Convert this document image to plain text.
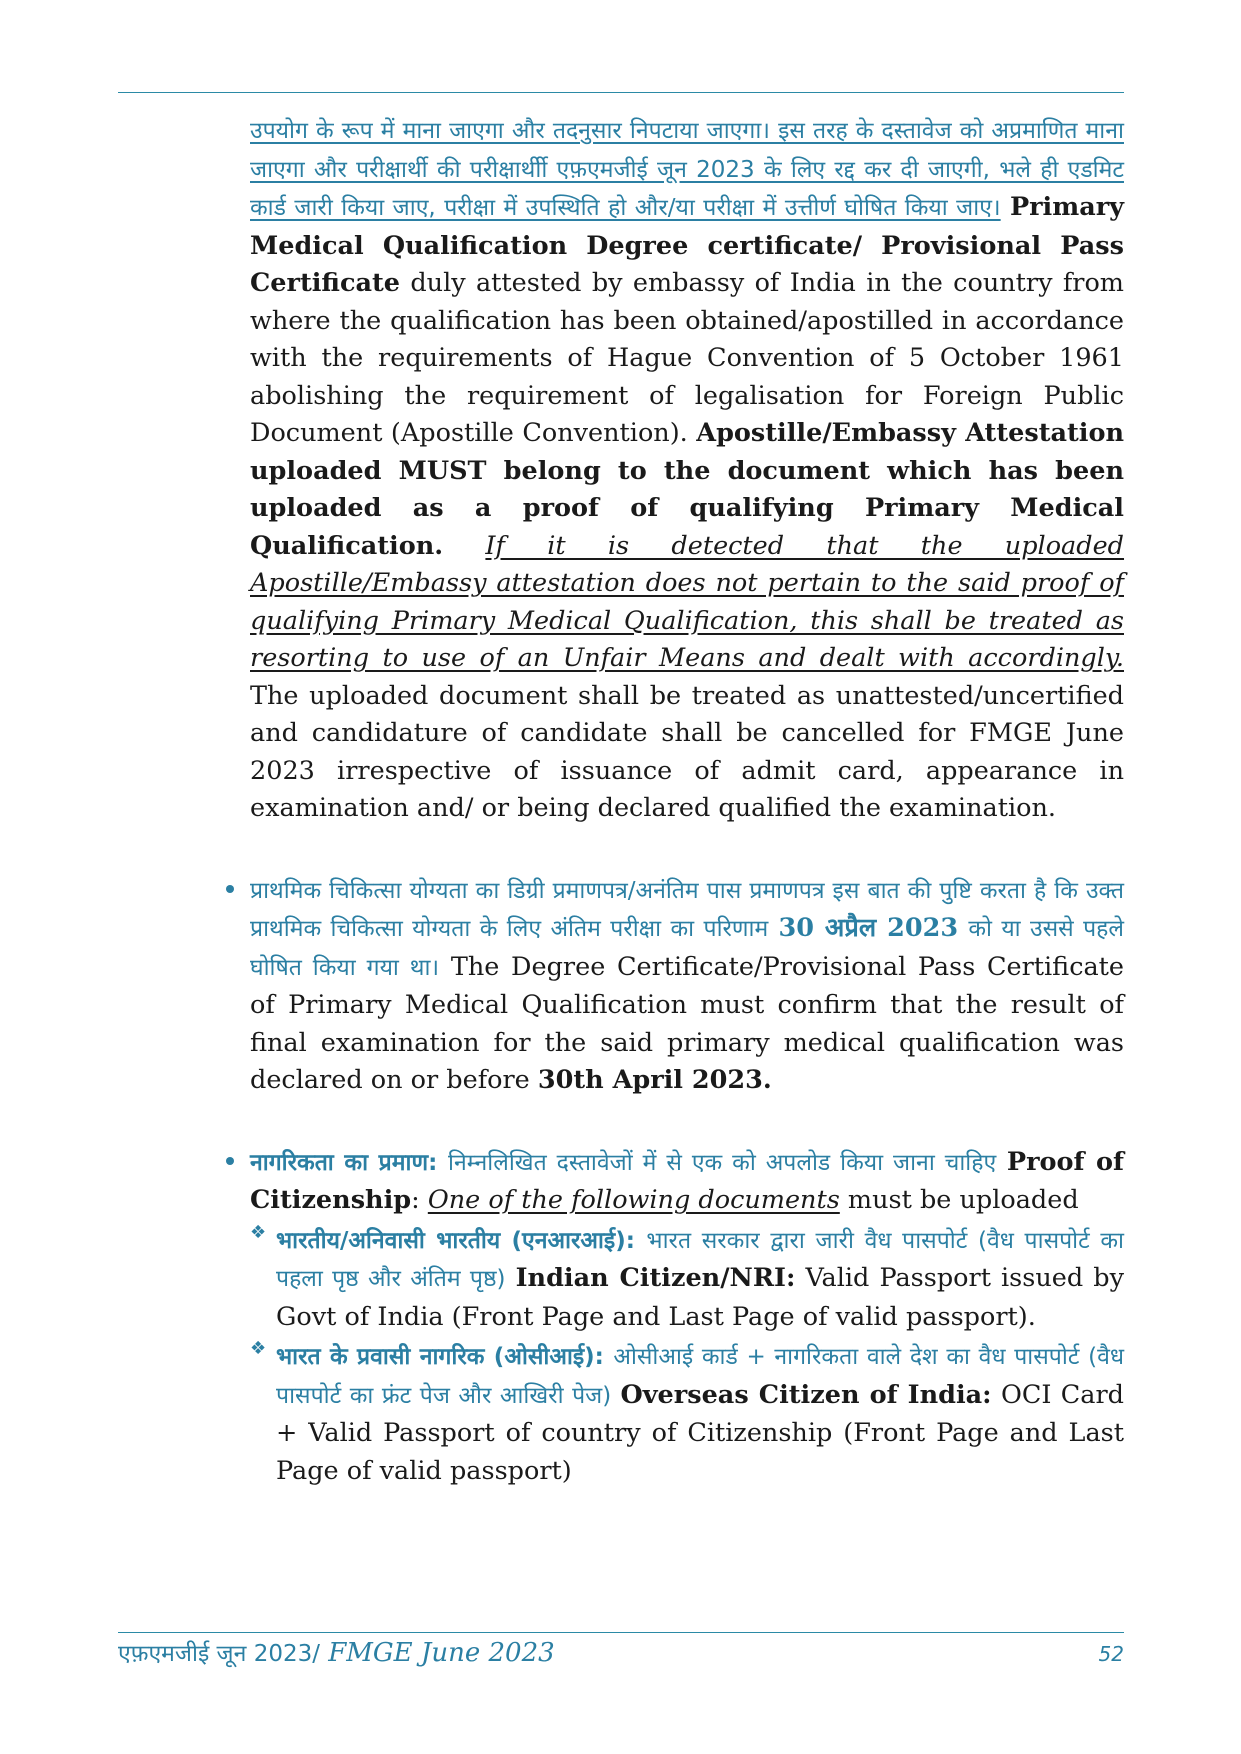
उपयोग के रूप में माना जाएगा और तदनुसार निपटाया जाएगा। इस तरह के दस्तावेज को अप्रमाणित माना जाएगा और परीक्षार्थी की परीक्षार्थीी एफ़एमजीई जून 2023 के लिए रद्द कर दी जाएगी, भले ही एडमिट कार्ड जारी किया जाए, परीक्षा में उपस्थिति हो और/या परीक्षा में उत्तीर्ण घोषित किया जाए। Primary Medical Qualification Degree certificate/ Provisional Pass Certificate duly attested by embassy of India in the country from where the qualification has been obtained/apostilled in accordance with the requirements of Hague Convention of 5 October 1961 abolishing the requirement of legalisation for Foreign Public Document (Apostille Convention). Apostille/Embassy Attestation uploaded MUST belong to the document which has been uploaded as a proof of qualifying Primary Medical Qualification. If it is detected that the uploaded Apostille/Embassy attestation does not pertain to the said proof of qualifying Primary Medical Qualification, this shall be treated as resorting to use of an Unfair Means and dealt with accordingly. The uploaded document shall be treated as unattested/uncertified and candidature of candidate shall be cancelled for FMGE June 2023 irrespective of issuance of admit card, appearance in examination and/ or being declared qualified the examination.

प्राथमिक चिकित्सा योग्यता का डिग्री प्रमाणपत्र/अनंतिम पास प्रमाणपत्र इस बात की पुष्टि करता है कि उक्त प्राथमिक चिकित्सा योग्यता के लिए अंतिम परीक्षा का परिणाम 30 अप्रैल 2023 को या उससे पहले घोषित किया गया था। The Degree Certificate/Provisional Pass Certificate of Primary Medical Qualification must confirm that the result of final examination for the said primary medical qualification was declared on or before 30th April 2023.

नागरिकता का प्रमाण: निम्नलिखित दस्तावेजों में से एक को अपलोड किया जाना चाहिए Proof of Citizenship: One of the following documents must be uploaded

❖ भारतीय/अनिवासी भारतीय (एनआरआई): भारत सरकार द्वारा जारी वैध पासपोर्ट (वैध पासपोर्ट का पहला पृष्ठ और अंतिम पृष्ठ) Indian Citizen/NRI: Valid Passport issued by Govt of India (Front Page and Last Page of valid passport).

❖ भारत के प्रवासी नागरिक (ओसीआई): ओसीआई कार्ड + नागरिकता वाले देश का वैध पासपोर्ट (वैध पासपोर्ट का फ्रंट पेज और आखिरी पेज) Overseas Citizen of India: OCI Card + Valid Passport of country of Citizenship (Front Page and Last Page of valid passport)

एफ़एमजीई जून 2023/ FMGE June 2023	52
